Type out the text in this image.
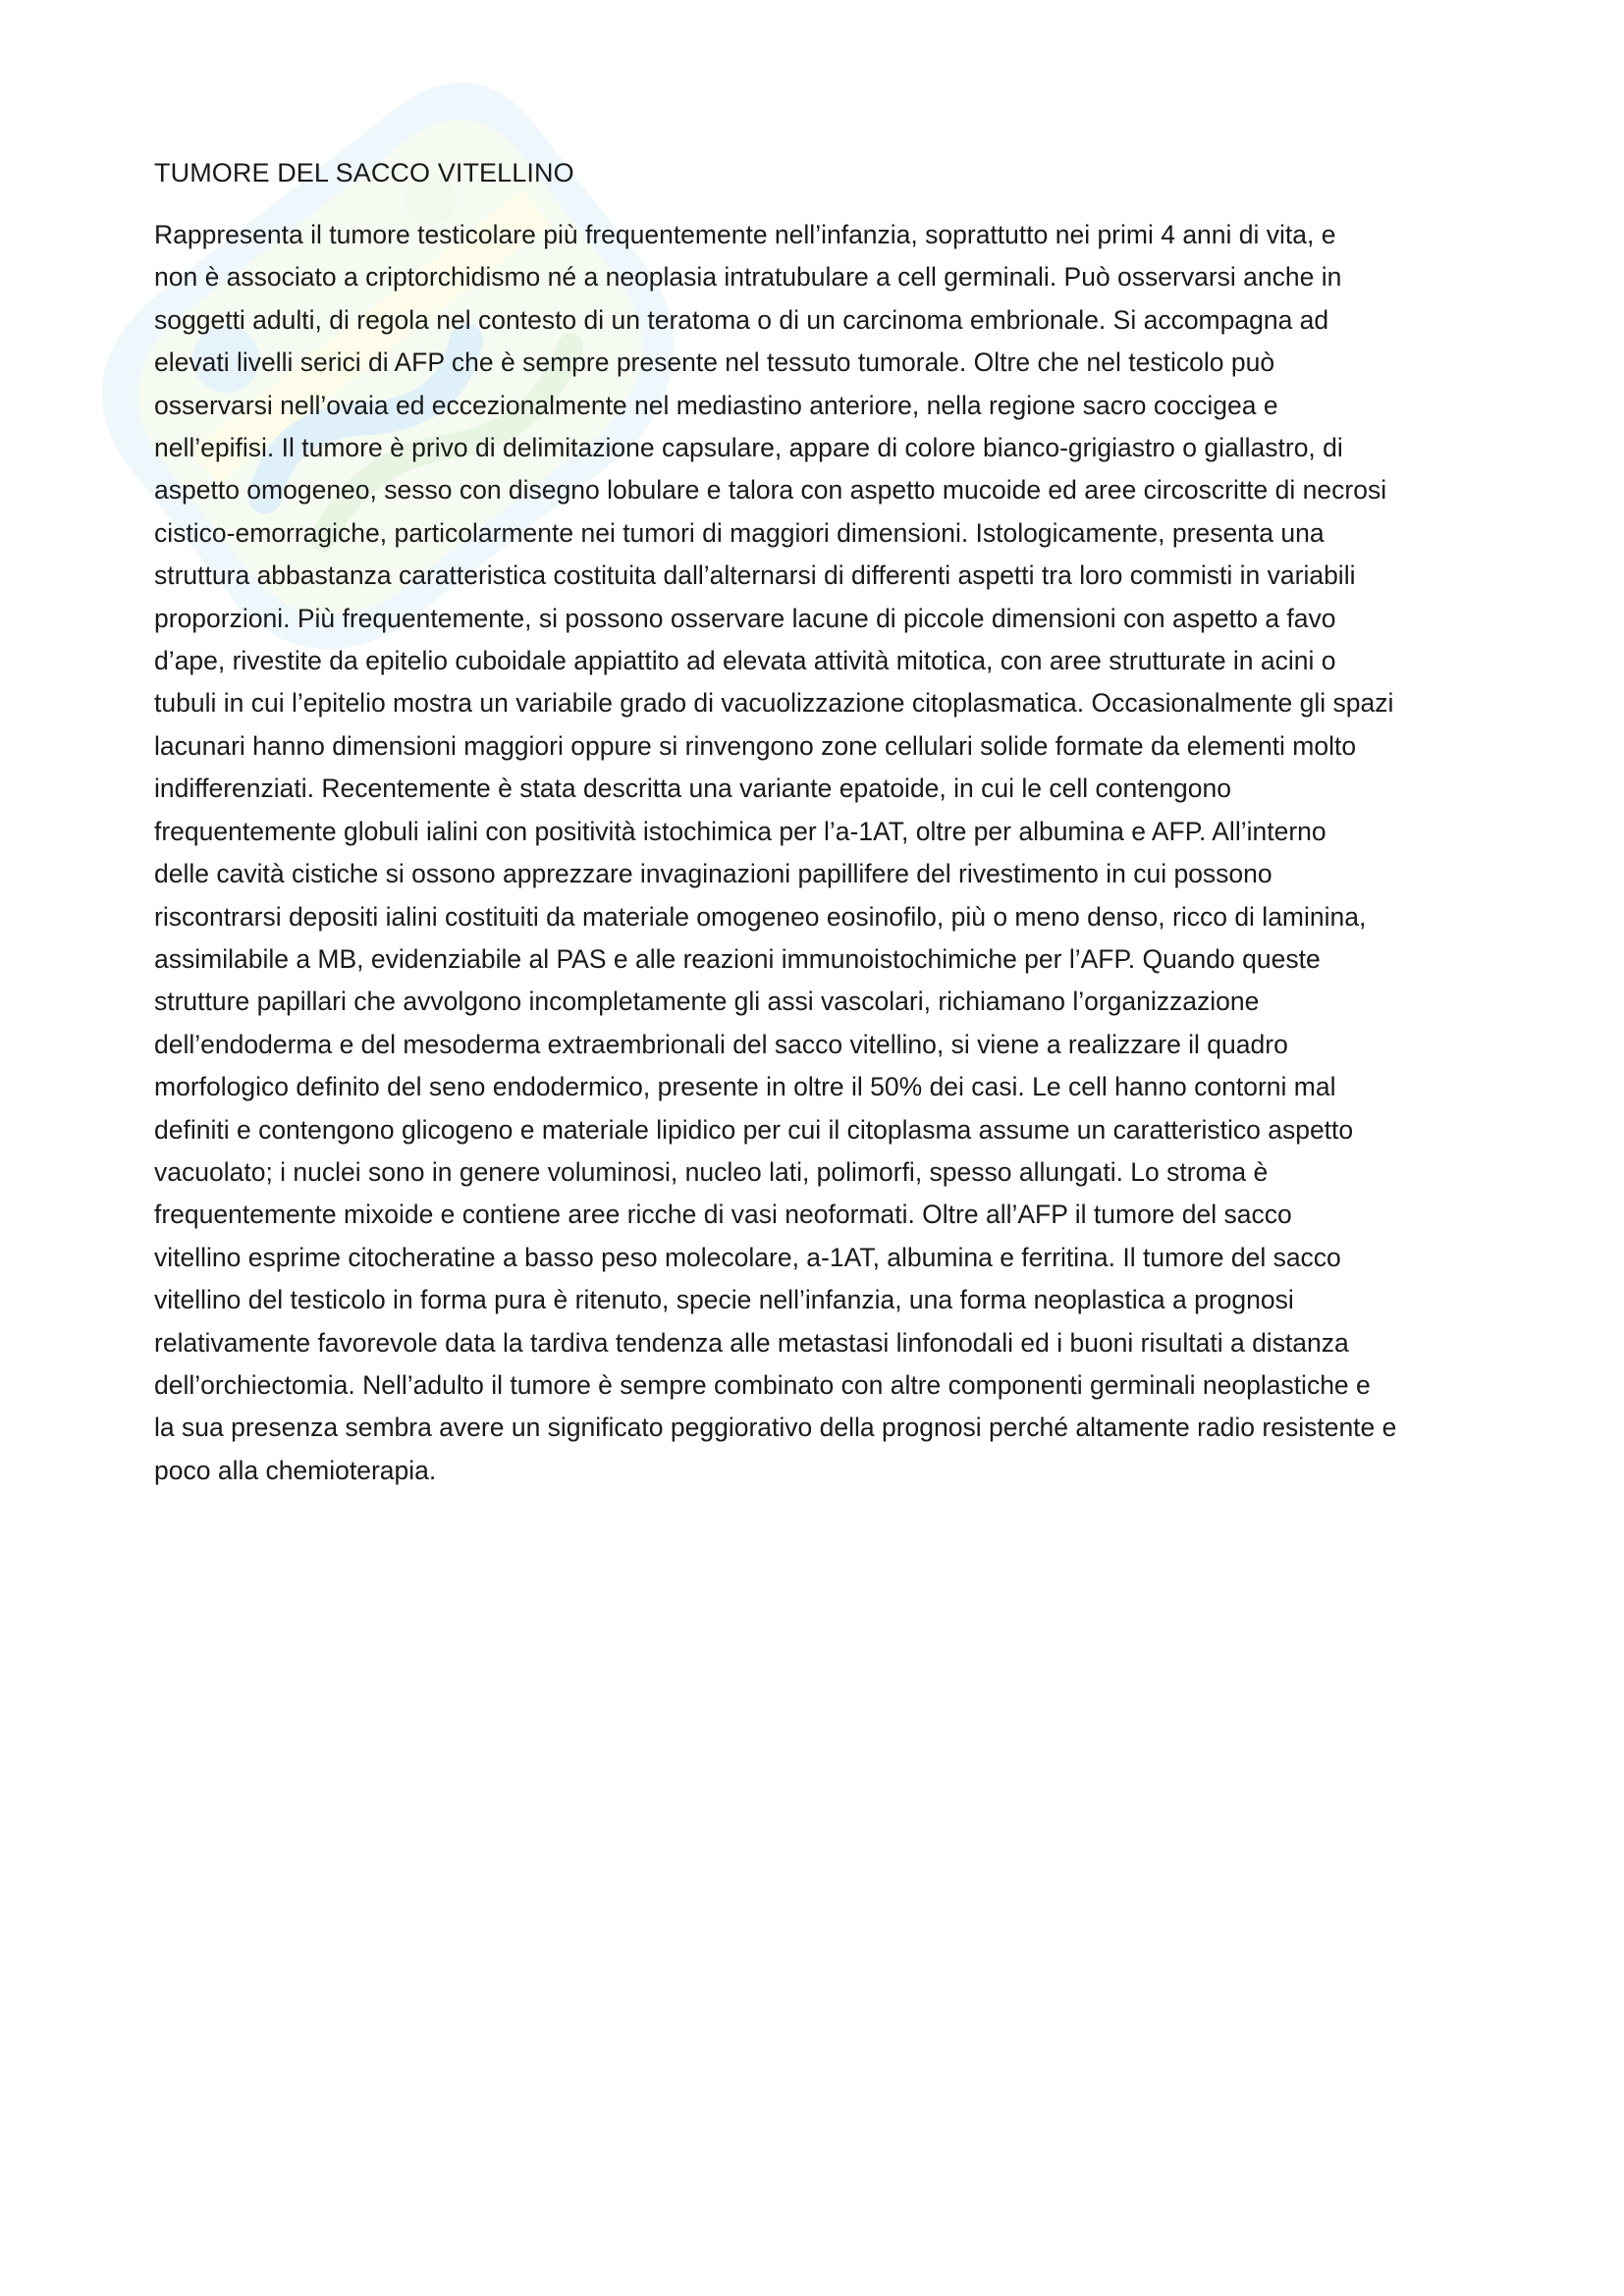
TUMORE DEL SACCO VITELLINO

Rappresenta il tumore testicolare più frequentemente nell’infanzia, soprattutto nei primi 4 anni di vita, e
non è associato a criptorchidismo né a neoplasia intratubulare a cell germinali. Può osservarsi anche in
soggetti adulti, di regola nel contesto di un teratoma o di un carcinoma embrionale. Si accompagna ad
elevati livelli serici di AFP che è sempre presente nel tessuto tumorale. Oltre che nel testicolo può
osservarsi nell’ovaia ed eccezionalmente nel mediastino anteriore, nella regione sacro coccigea e
nell’epifisi. Il tumore è privo di delimitazione capsulare, appare di colore bianco-grigiastro o giallastro, di
aspetto omogeneo, sesso con disegno lobulare e talora con aspetto mucoide ed aree circoscritte di necrosi
cistico-emorragiche, particolarmente nei tumori di maggiori dimensioni. Istologicamente, presenta una
struttura abbastanza caratteristica costituita dall’alternarsi di differenti aspetti tra loro commisti in variabili
proporzioni. Più frequentemente, si possono osservare lacune di piccole dimensioni con aspetto a favo
d’ape, rivestite da epitelio cuboidale appiattito ad elevata attività mitotica, con aree strutturate in acini o
tubuli in cui l’epitelio mostra un variabile grado di vacuolizzazione citoplasmatica. Occasionalmente gli spazi
lacunari hanno dimensioni maggiori oppure si rinvengono zone cellulari solide formate da elementi molto
indifferenziati. Recentemente è stata descritta una variante epatoide, in cui le cell contengono
frequentemente globuli ialini con positività istochimica per l’a-1AT, oltre per albumina e AFP. All’interno
delle cavità cistiche si ossono apprezzare invaginazioni papillifere del rivestimento in cui possono
riscontrarsi depositi ialini costituiti da materiale omogeneo eosinofilo, più o meno denso, ricco di laminina,
assimilabile a MB, evidenziabile al PAS e alle reazioni immunoistochimiche per l’AFP. Quando queste
strutture papillari che avvolgono incompletamente gli assi vascolari, richiamano l’organizzazione
dell’endoderma e del mesoderma extraembrionali del sacco vitellino, si viene a realizzare il quadro
morfologico definito del seno endodermico, presente in oltre il 50% dei casi. Le cell hanno contorni mal
definiti e contengono glicogeno e materiale lipidico per cui il citoplasma assume un caratteristico aspetto
vacuolato; i nuclei sono in genere voluminosi, nucleo lati, polimorfi, spesso allungati. Lo stroma è
frequentemente mixoide e contiene aree ricche di vasi neoformati. Oltre all’AFP il tumore del sacco
vitellino esprime citocheratine a basso peso molecolare, a-1AT, albumina e ferritina. Il tumore del sacco
vitellino del testicolo in forma pura è ritenuto, specie nell’infanzia, una forma neoplastica a prognosi
relativamente favorevole data la tardiva tendenza alle metastasi linfonodali ed i buoni risultati a distanza
dell’orchiectomia. Nell’adulto il tumore è sempre combinato con altre componenti germinali neoplastiche e
la sua presenza sembra avere un significato peggiorativo della prognosi perché altamente radio resistente e
poco alla chemioterapia.
